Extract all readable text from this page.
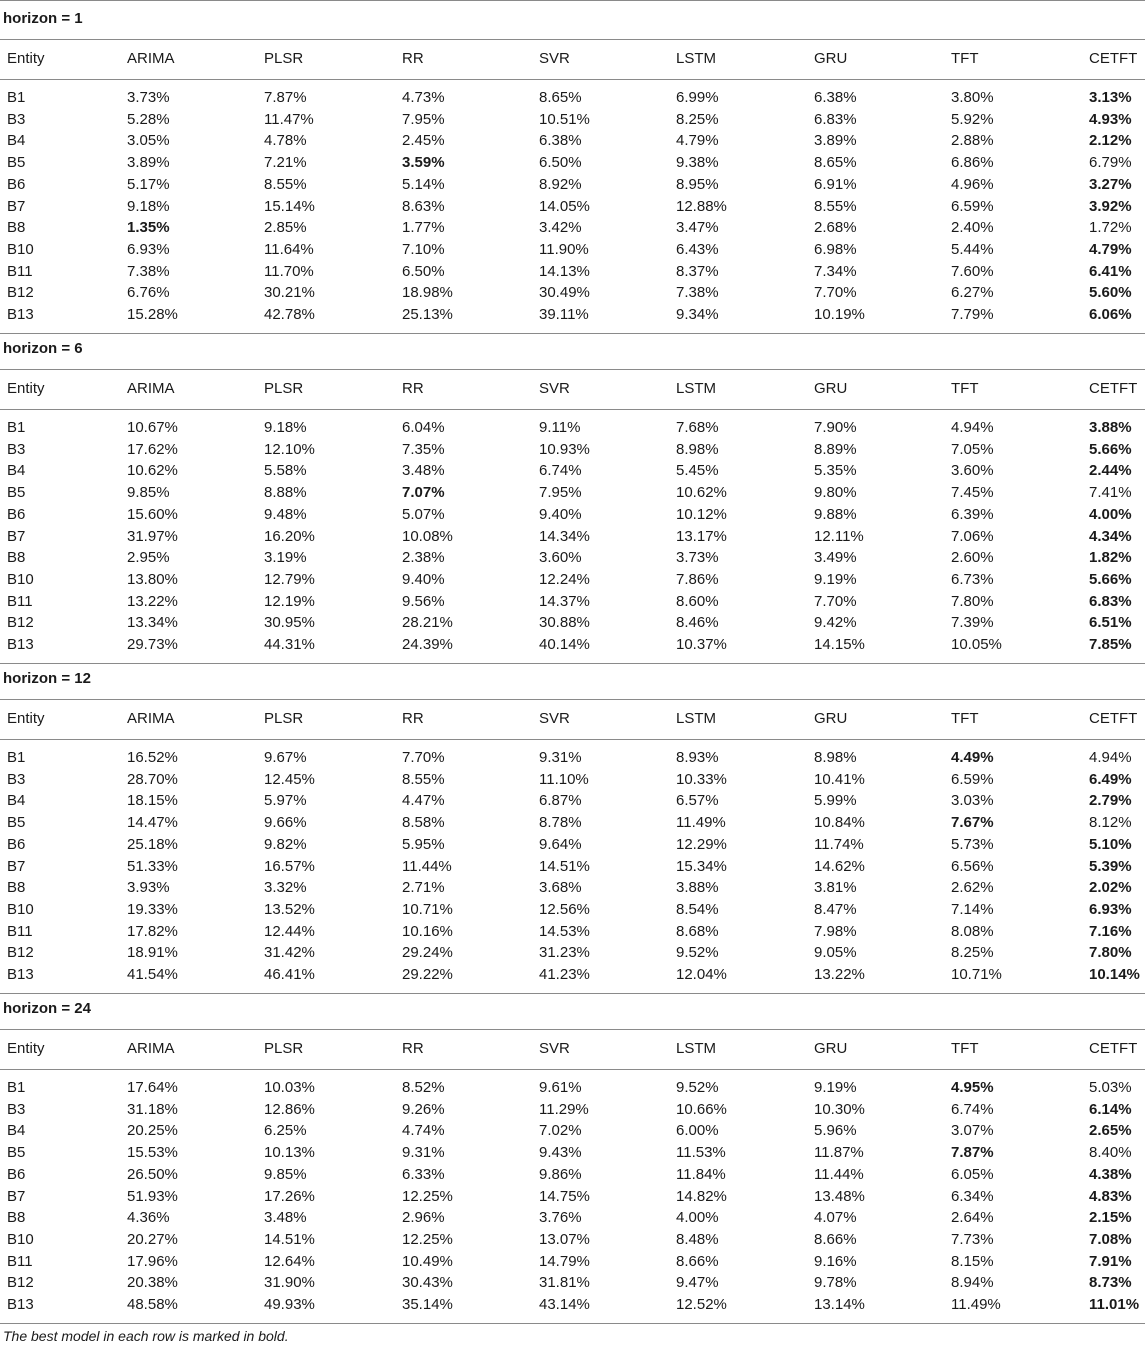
horizon = 1
Entity	ARIMA	PLSR	RR	SVR	LSTM	GRU	TFT	CETFT
B1	3.73%	7.87%	4.73%	8.65%	6.99%	6.38%	3.80%	3.13%
B3	5.28%	11.47%	7.95%	10.51%	8.25%	6.83%	5.92%	4.93%
B4	3.05%	4.78%	2.45%	6.38%	4.79%	3.89%	2.88%	2.12%
B5	3.89%	7.21%	3.59%	6.50%	9.38%	8.65%	6.86%	6.79%
B6	5.17%	8.55%	5.14%	8.92%	8.95%	6.91%	4.96%	3.27%
B7	9.18%	15.14%	8.63%	14.05%	12.88%	8.55%	6.59%	3.92%
B8	1.35%	2.85%	1.77%	3.42%	3.47%	2.68%	2.40%	1.72%
B10	6.93%	11.64%	7.10%	11.90%	6.43%	6.98%	5.44%	4.79%
B11	7.38%	11.70%	6.50%	14.13%	8.37%	7.34%	7.60%	6.41%
B12	6.76%	30.21%	18.98%	30.49%	7.38%	7.70%	6.27%	5.60%
B13	15.28%	42.78%	25.13%	39.11%	9.34%	10.19%	7.79%	6.06%
horizon = 6
Entity	ARIMA	PLSR	RR	SVR	LSTM	GRU	TFT	CETFT
B1	10.67%	9.18%	6.04%	9.11%	7.68%	7.90%	4.94%	3.88%
B3	17.62%	12.10%	7.35%	10.93%	8.98%	8.89%	7.05%	5.66%
B4	10.62%	5.58%	3.48%	6.74%	5.45%	5.35%	3.60%	2.44%
B5	9.85%	8.88%	7.07%	7.95%	10.62%	9.80%	7.45%	7.41%
B6	15.60%	9.48%	5.07%	9.40%	10.12%	9.88%	6.39%	4.00%
B7	31.97%	16.20%	10.08%	14.34%	13.17%	12.11%	7.06%	4.34%
B8	2.95%	3.19%	2.38%	3.60%	3.73%	3.49%	2.60%	1.82%
B10	13.80%	12.79%	9.40%	12.24%	7.86%	9.19%	6.73%	5.66%
B11	13.22%	12.19%	9.56%	14.37%	8.60%	7.70%	7.80%	6.83%
B12	13.34%	30.95%	28.21%	30.88%	8.46%	9.42%	7.39%	6.51%
B13	29.73%	44.31%	24.39%	40.14%	10.37%	14.15%	10.05%	7.85%
horizon = 12
Entity	ARIMA	PLSR	RR	SVR	LSTM	GRU	TFT	CETFT
B1	16.52%	9.67%	7.70%	9.31%	8.93%	8.98%	4.49%	4.94%
B3	28.70%	12.45%	8.55%	11.10%	10.33%	10.41%	6.59%	6.49%
B4	18.15%	5.97%	4.47%	6.87%	6.57%	5.99%	3.03%	2.79%
B5	14.47%	9.66%	8.58%	8.78%	11.49%	10.84%	7.67%	8.12%
B6	25.18%	9.82%	5.95%	9.64%	12.29%	11.74%	5.73%	5.10%
B7	51.33%	16.57%	11.44%	14.51%	15.34%	14.62%	6.56%	5.39%
B8	3.93%	3.32%	2.71%	3.68%	3.88%	3.81%	2.62%	2.02%
B10	19.33%	13.52%	10.71%	12.56%	8.54%	8.47%	7.14%	6.93%
B11	17.82%	12.44%	10.16%	14.53%	8.68%	7.98%	8.08%	7.16%
B12	18.91%	31.42%	29.24%	31.23%	9.52%	9.05%	8.25%	7.80%
B13	41.54%	46.41%	29.22%	41.23%	12.04%	13.22%	10.71%	10.14%
horizon = 24
Entity	ARIMA	PLSR	RR	SVR	LSTM	GRU	TFT	CETFT
B1	17.64%	10.03%	8.52%	9.61%	9.52%	9.19%	4.95%	5.03%
B3	31.18%	12.86%	9.26%	11.29%	10.66%	10.30%	6.74%	6.14%
B4	20.25%	6.25%	4.74%	7.02%	6.00%	5.96%	3.07%	2.65%
B5	15.53%	10.13%	9.31%	9.43%	11.53%	11.87%	7.87%	8.40%
B6	26.50%	9.85%	6.33%	9.86%	11.84%	11.44%	6.05%	4.38%
B7	51.93%	17.26%	12.25%	14.75%	14.82%	13.48%	6.34%	4.83%
B8	4.36%	3.48%	2.96%	3.76%	4.00%	4.07%	2.64%	2.15%
B10	20.27%	14.51%	12.25%	13.07%	8.48%	8.66%	7.73%	7.08%
B11	17.96%	12.64%	10.49%	14.79%	8.66%	9.16%	8.15%	7.91%
B12	20.38%	31.90%	30.43%	31.81%	9.47%	9.78%	8.94%	8.73%
B13	48.58%	49.93%	35.14%	43.14%	12.52%	13.14%	11.49%	11.01%
The best model in each row is marked in bold.
